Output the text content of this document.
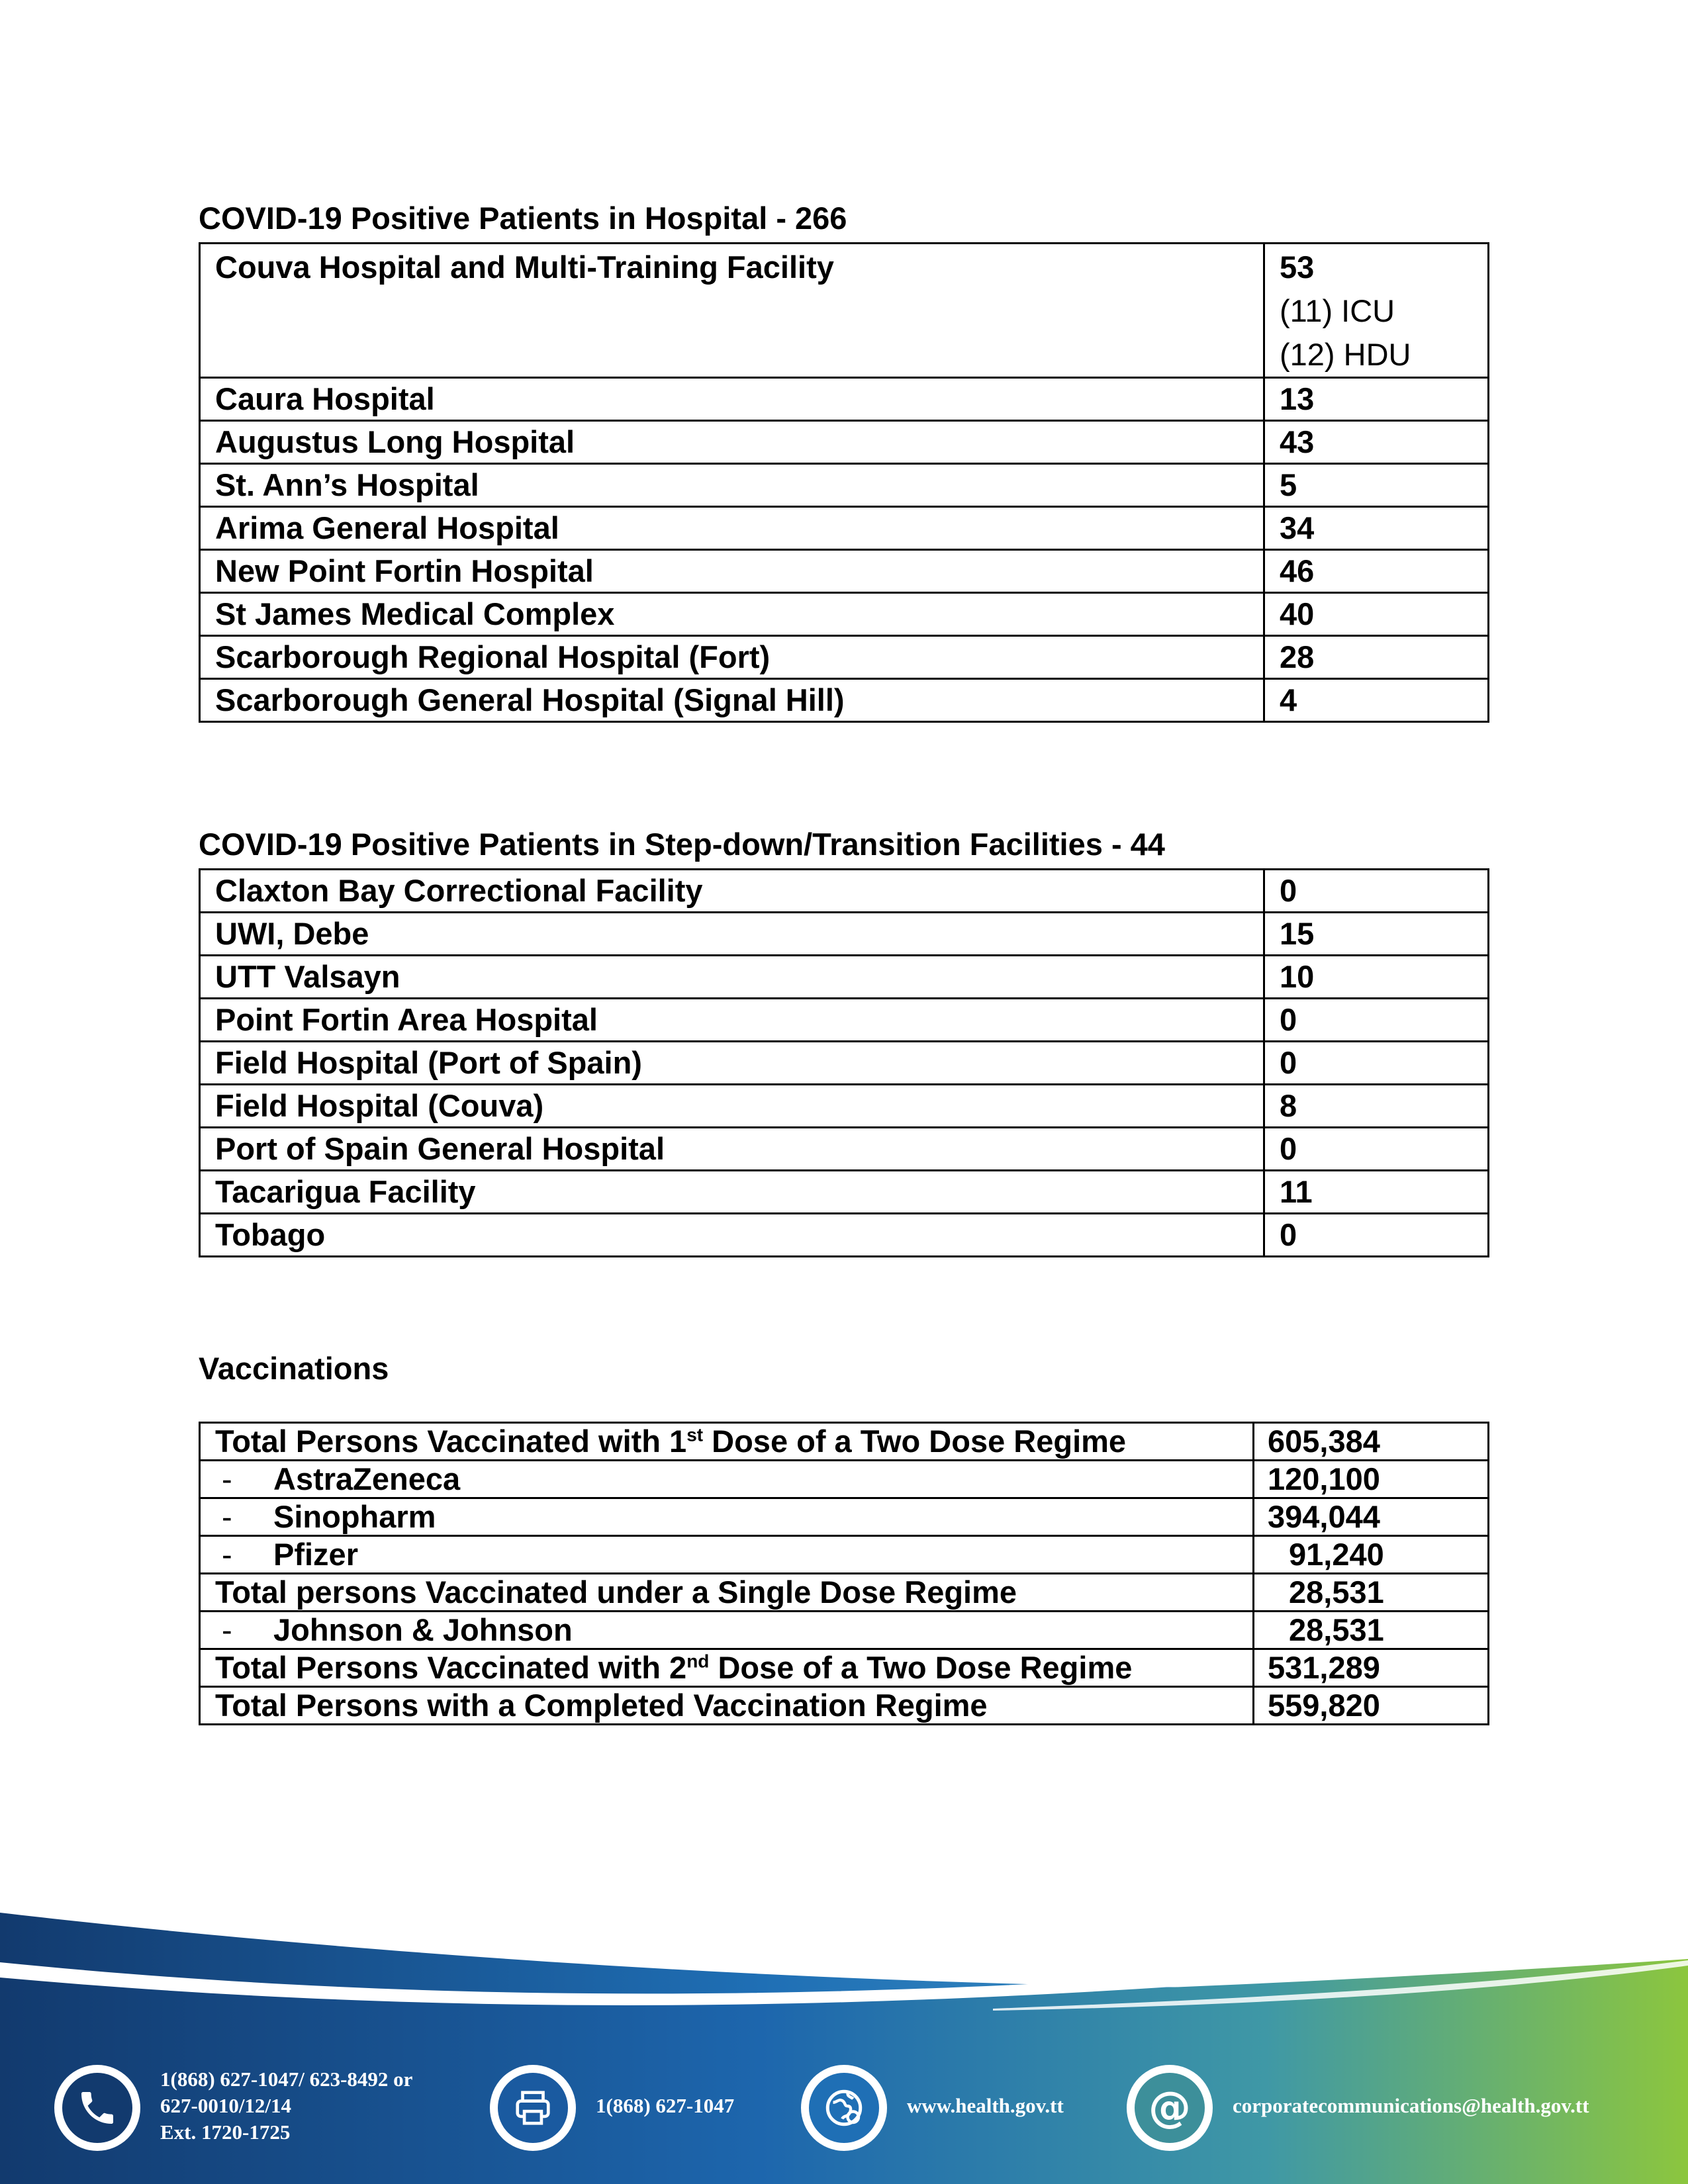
COVID-19 Positive Patients in Hospital - 266
Couva Hospital and Multi-Training Facility	53
(11) ICU
(12) HDU

Caura Hospital	13
Augustus Long Hospital	43
St. Ann’s Hospital	5
Arima General Hospital	34
New Point Fortin Hospital	46
St James Medical Complex	40
Scarborough Regional Hospital (Fort)	28
Scarborough General Hospital (Signal Hill)	4
COVID-19 Positive Patients in Step-down/Transition Facilities - 44
Claxton Bay Correctional Facility	0
UWI, Debe	15
UTT Valsayn	10
Point Fortin Area Hospital	0
Field Hospital (Port of Spain)	0
Field Hospital (Couva)	8
Port of Spain General Hospital	0
Tacarigua Facility	11
Tobago	0
Vaccinations
Total Persons Vaccinated with 1st Dose of a Two Dose Regime	605,384
- AstraZeneca	120,100
- Sinopharm	394,044
- Pfizer	91,240
Total persons Vaccinated under a Single Dose Regime	28,531
- Johnson & Johnson	28,531
Total Persons Vaccinated with 2nd Dose of a Two Dose Regime	531,289
Total Persons with a Completed Vaccination Regime	559,820
1(868) 627-1047/ 623-8492 or
627-0010/12/14
Ext. 1720-1725
1(868) 627-1047	www.health.gov.tt	@	corporatecommunications@health.gov.tt
